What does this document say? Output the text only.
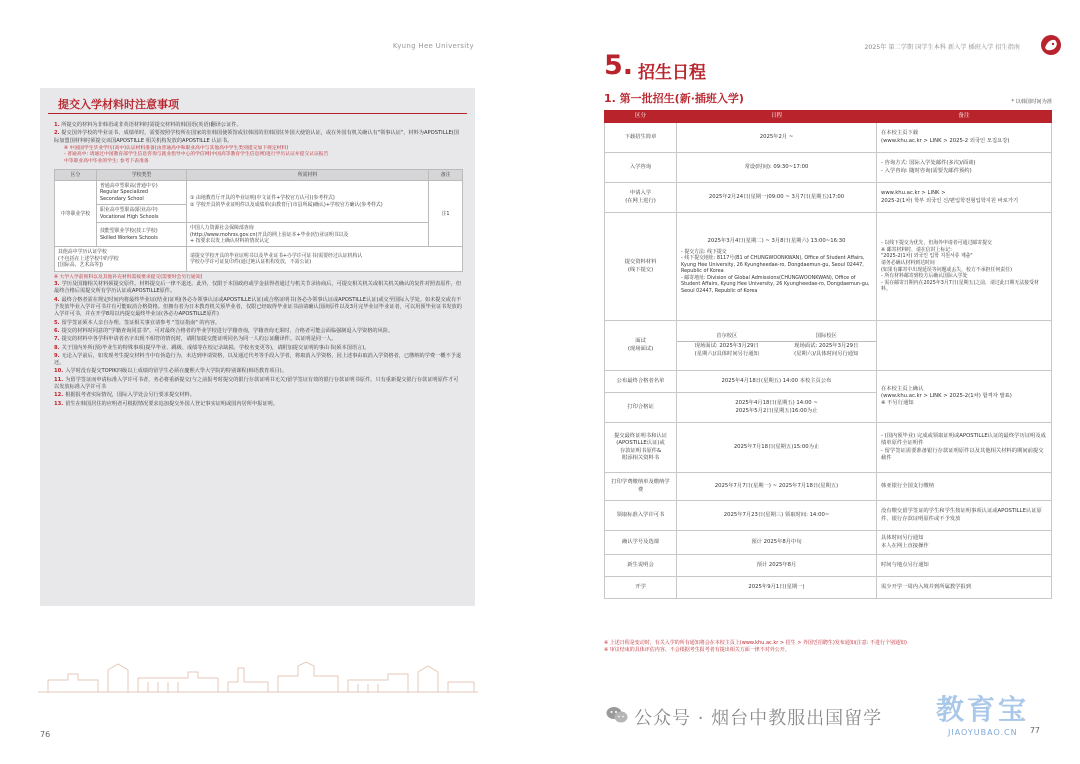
Kyung Hee University
提交入学材料时注意事项
1. 所提交的材料为非韩语或非英语材料时需提交材料的韩国语(英语)翻译公证件。
2. 提交国外学校的毕业证书、成绩单时，需要按照学校所在国家的驻韩国使领馆或驻韩国的驻韩国驻外国大使馆认证，或在外国有机关确认有"领事认证"，材料为APOSTILLE(国际加盟国材料时须提交该国APOSTILLE 相关机构发放的APOSTILLE 认证书。
※ 中国国学生毕业学历(高中)认证材料准备(由普通高中和职业高中与其他高中学生类别提交加下规定材料)
- 普通高中: 请通过中国教育部学生信息咨询与就业指导中心的学信网(中国高等教育学生信息网)进行学历认证并提交认证报告
中等职业高中毕业的学生: 参考下表准备
区分	学校类型	所需材料	备注
中等职业学校	普通高中型职高(普通中专)
Regular Specialized
Secondary School	① 由地教育厅开具的毕业证明(中文证件+学校官方认可)(参考样式)
② 学校开具的毕业证明件以及成绩单(由教育厅(市县所属)确认)+学校官方确认(参考样式)	注1
	职业高中型职高(职业高中)
Vocational High Schools		
	技能型职业学校(技工学校)
Skilled Workers Schools	中国人力资源社会保障部查询
(http://www.mohrss.gov.cn)开具的网上验证本+毕业(结)业证明书以及
+ 按要求以发上确认材料的情况认定	
其他高中学历认证学校
(不包括在上述学校中的学校
[国际高、艺术高等])		请提交学校开具的毕业证明书以及毕业证书+办学许可证书(需要经过认证机构认
学校办学许可证复印件(通过地认证机构发放，不需公证)	
※ 大学入学前预科以及其他补充材料需按要求提交(需要时会另行通知)
3. 学历及国籍相关材料须提交原件。材料提交后一律不退还。此外，仅限于本国政府或学金获得者通过与机关节录协商后，可提交相关机关或相关机关确认的复件对照表原件，但最终合格后需提交所有学历认证或APOSTILLE原件。
4. 最终合格者需在规定时间内将最终毕业证(结业)证明(各必办领事认证或APOSTILLE认证)或合格证明书(各必办领事认证或APOSTILLE认证)或交至国际入学处。如未提交或有不予发放毕业入学许可书并有可能取消合格资格。但拥有者为日本教育机关预毕业者，仅限已经取得毕业证书前请确认国读原件以及3月完毕业证毕业证者，可以用预毕业证书发放的入学许可书，并在开学8周以内提交最终毕业证(各必办APOSTILLE原件)
5. 留学签证须本人亲自办理。签证相关事宜请参考 "签证指南" 的内容。
6. 提交的材料时同意的"学籍查询同意书"。可对最终合格者的毕业学校进行学籍查询，学籍查询无果时，合格者可能会面临强制退入学资格的风险。
7. 提交的材料中各学科申请者名字出现不相符的情况时，请附加提交能证明同名为同一人的公证翻译件。以证明是同一人。
8. 关于国内外所(预)毕业生的特殊事项(提早毕业、跳级、成绩等在校记录缺损、学校名变更等)，请附加提交证明的事由书(须本国语言)。
9. 无论入学前后，如发现考生提交材料当中有伪造行为，未达到申请资格，以及通过代考等手段入学者，将取消入学资格，因上述事由取消入学资格者，已缴纳的学费一概不予退还。
10. 入学时没有提交TOPIK四级以上成绩的留学生必须在慶熙大學大学院的特别课程(韩语教育项目)。
11. 为留学签证而申请标准入学许可书者，务必将重新提交(与之前报考时提交的银行存款证明书无关)留学签证有效的银行存款证明书原件。只有重新提交银行存款证明原件才可以发放标准入学许可书
12. 根据报考者实际情况，国际入学处会另行要求提交材料。
13. 留生在韩国居住的应明者可根据情况要求追加提交外国人登记事实证明或国内居所申报证明。
76
2025年 第二学期 国学生本科 新入学 插班入学 招生指南
5. 招生日程
1. 第一批招生(新·插班入学)	* 以韩国时间为准
区分	日程	备注
下载招生简章	2025年2月 ~	在本校主页下载
(www.khu.ac.kr > LINK > 2025-2 외국인 모집요강)
入学咨询	常设(时间): 09:30~17:00	- 咨询方式: 国际入学处邮件(多次)/面谈)
- 入学咨询: 随时咨询(需要先邮件预约)
申请入学
(在网上进行)	2025年2月24日(星期一)09:00 ~ 3月7日(星期五)17:00	www.khu.ac.kr > LINK >
2025-2(1차) 학부 외국인 신/편입학전형입학지원 바로가기
提交资料材料
(线下提交)	
2025年3月4日(星期二) ~ 3月8日(星期六) 13:00~16:30
- 提交方法: 线下提交
- 线下提交地址: 8117号(B1 of CHUNGWOONKWAN), Office of Student Affairs, Kyung Hee University, 26 Kyungheedae-ro, Dongdaemun-gu, Seoul 02447, Republic of Korea
- 邮寄地址: Division of Global Admissions(CHUNGWOONKWAN), Office of Student Affairs, Kyung Hee University, 26 Kyungheedae-ro, Dongdaemun-gu, Seoul 02447, Republic of Korea
	- 以线下提交为优先，但海外申请者可通过邮寄提交
※ 邮寄材料时，请在信封上标记:
"2025-2(1차) 외국인 입학 지원서류 제출"
请务必确认材料到达时间
(如果有邮寄中出现延误等问题或丢失，校方不承担任何责任)
- 所有材料邮寄到校方后确认国际入学处
- 需在邮寄日期内在2025年3月7日(星期五)之前，请过此日期无法接受材料。
面试
(现场面试)	
首尔校区	国际校区
现场面试: 2025年3月29日
(星期六)/具体时间另行通知	现场面试: 2025年3月29日
(星期六)/具体时间另行通知

公布最终合格者名单	2025年4月18日(星期五) 14:00 本校主页公布	在本校主页上确认
(www.khu.ac.kr > LINK > 2025-2(1차) 합격자 발표)
※ 不另行通知
打印合格证	2025年4月18日(星期五) 14:00 ~
2025年5月2日(星期五)16:00为止
提交最终证明书和认证
(APOSTILLE认证)或
存款证明书原件&
附添相关资料书	2025年7月18日(星期五)15:00为止	- (国内预毕业) 完成或领取证明或APOSTILLE认证的最终学历证明及成绩单原件全证明件
- 留学签证需要准备银行存款证明原件以及其他相关材料的期间前提交截件
打印学费缴纳单及缴纳学费	2025年7月7日(星期一) ~ 2025年7月18日(星期五)	韩亚银行全国支行缴纳
领取标准入学许可书	2025年7月23日(星期三) 领取时间: 14:00~	没有缴交留学签证的学生和学生按证明事项认证或APOSTILLE认证原件、银行存款证明原件或不予发放
确认学号及选课	预计 2025年8月中旬	具体时间另行通知
本人在网上直接操作
新生说明会	预计 2025年8月	时间与地点另行通知
开学	2025年9月1日(星期一)	需少开学一周内入境并到所属教学报到
※ 上述日程是变动时，有关入学的所有通知将会在本校主页上(www.khu.ac.kr > 招生 > 外国인招聘生)发布通知(注意: 不进行个别通知)
※ 审议结束的具体评估内容、不会根据考生报考者有提出相关方面一律不对外公开。
77
公众号 · 烟台中教服出国留学 教育宝
JIAOYUBAO.CN
